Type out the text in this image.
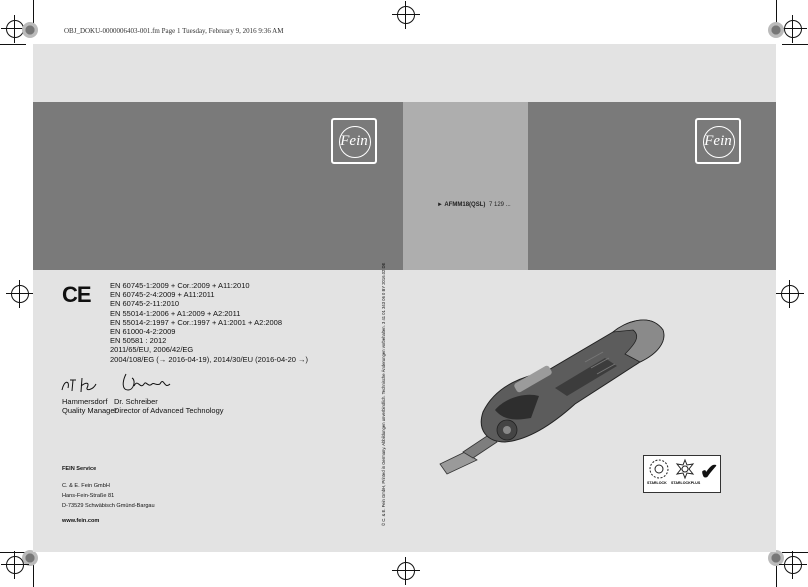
OBJ_DOKU-0000006403-001.fm Page 1 Tuesday, February 9, 2016 9:36 AM
Fein	Fein
► AFMM18(QSL) 7 129 ...
© C. & E. Fein GmbH, Printed in Germany. Abbildungen unverbindlich. Technische Änderungen vorbehalten. 3 41 01 343 06 0 BY 2016.02 DE
CE	EN 60745-1:2009 + Cor.:2009 + A11:2010
EN 60745-2-4:2009 + A11:2011
EN 60745-2-11:2010
EN 55014-1:2006 + A1:2009 + A2:2011
EN 55014-2:1997 + Cor.:1997 + A1:2001 + A2:2008
EN 61000-4-2:2009
EN 50581 : 2012
2011/65/EU, 2006/42/EG
2004/108/EG (→ 2016-04-19), 2014/30/EU (2016-04-20 →)
Hammersdorf
Quality Manager
Dr. Schreiber
Director of Advanced Technology
FEIN Service
C. & E. Fein GmbH
Hans-Fein-Straße 81
D-73529 Schwäbisch Gmünd-Bargau
www.fein.com
STARLOCK STARLOCKPLUS ✔
